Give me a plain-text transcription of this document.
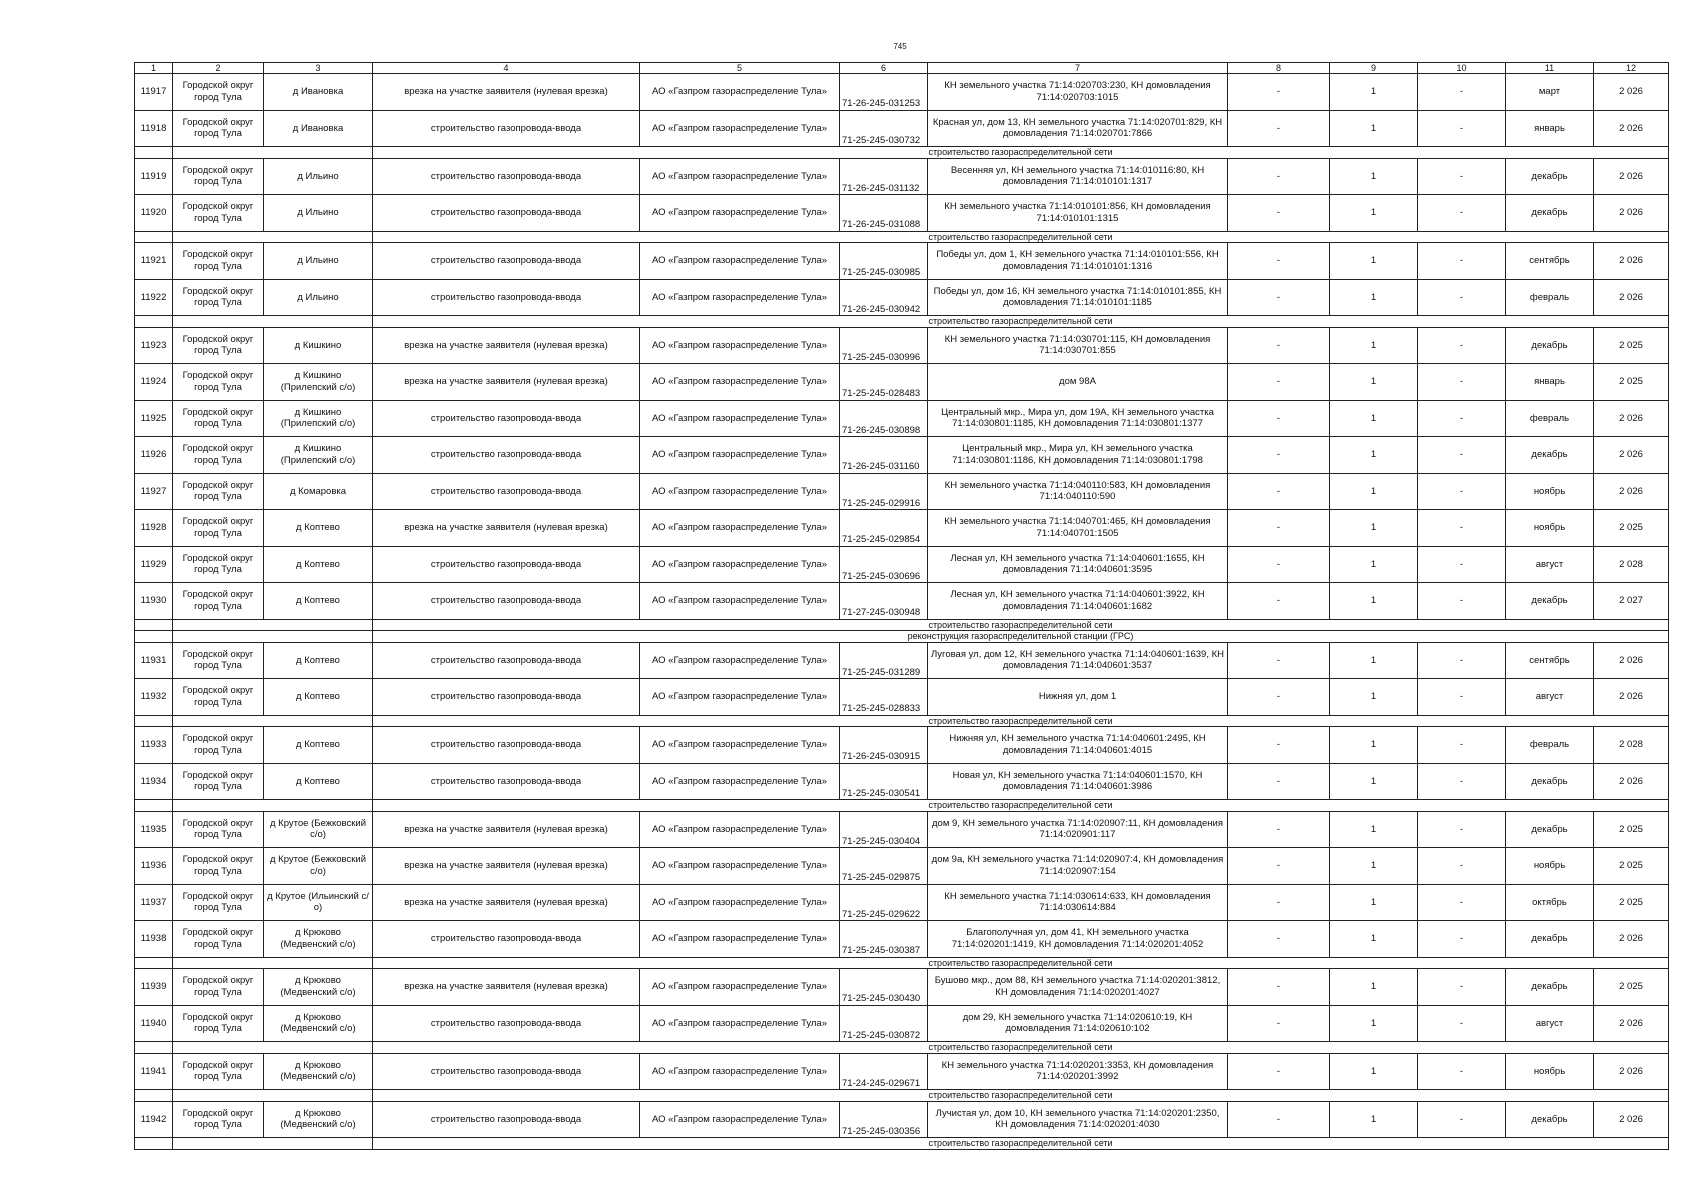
745
1	2	3	4	5	6	7	8	9	10	11	12
11917	Городской округ город Тула	д Ивановка	врезка на участке заявителя (нулевая врезка)	АО «Газпром газораспределение Тула»	71-26-245-031253	КН земельного участка 71:14:020703:230, КН домовладения 71:14:020703:1015	-	1	-	март	2 026
11918	Городской округ город Тула	д Ивановка	строительство газопровода-ввода	АО «Газпром газораспределение Тула»	71-25-245-030732	Красная ул, дом 13, КН земельного участка 71:14:020701:829, КН домовладения 71:14:020701:7866	-	1	-	январь	2 026
			строительство газораспределительной сети								
11919	Городской округ город Тула	д Ильино	строительство газопровода-ввода	АО «Газпром газораспределение Тула»	71-26-245-031132	Весенняя ул, КН земельного участка 71:14:010116:80, КН домовладения 71:14:010101:1317	-	1	-	декабрь	2 026
11920	Городской округ город Тула	д Ильино	строительство газопровода-ввода	АО «Газпром газораспределение Тула»	71-26-245-031088	КН земельного участка 71:14:010101:856, КН домовладения 71:14:010101:1315	-	1	-	декабрь	2 026
			строительство газораспределительной сети								
11921	Городской округ город Тула	д Ильино	строительство газопровода-ввода	АО «Газпром газораспределение Тула»	71-25-245-030985	Победы ул, дом 1, КН земельного участка 71:14:010101:556, КН домовладения 71:14:010101:1316	-	1	-	сентябрь	2 026
11922	Городской округ город Тула	д Ильино	строительство газопровода-ввода	АО «Газпром газораспределение Тула»	71-26-245-030942	Победы ул, дом 16, КН земельного участка 71:14:010101:855, КН домовладения 71:14:010101:1185	-	1	-	февраль	2 026
			строительство газораспределительной сети								
11923	Городской округ город Тула	д Кишкино	врезка на участке заявителя (нулевая врезка)	АО «Газпром газораспределение Тула»	71-25-245-030996	КН земельного участка 71:14:030701:115, КН домовладения 71:14:030701:855	-	1	-	декабрь	2 025
11924	Городской округ город Тула	д Кишкино (Прилепский с/о)	врезка на участке заявителя (нулевая врезка)	АО «Газпром газораспределение Тула»	71-25-245-028483	дом 98А	-	1	-	январь	2 025
11925	Городской округ город Тула	д Кишкино (Прилепский с/о)	строительство газопровода-ввода	АО «Газпром газораспределение Тула»	71-26-245-030898	Центральный мкр., Мира ул, дом 19А, КН земельного участка 71:14:030801:1185, КН домовладения 71:14:030801:1377	-	1	-	февраль	2 026
11926	Городской округ город Тула	д Кишкино (Прилепский с/о)	строительство газопровода-ввода	АО «Газпром газораспределение Тула»	71-26-245-031160	Центральный мкр., Мира ул, КН земельного участка 71:14:030801:1186, КН домовладения 71:14:030801:1798	-	1	-	декабрь	2 026
11927	Городской округ город Тула	д Комаровка	строительство газопровода-ввода	АО «Газпром газораспределение Тула»	71-25-245-029916	КН земельного участка 71:14:040110:583, КН домовладения 71:14:040110:590	-	1	-	ноябрь	2 026
11928	Городской округ город Тула	д Коптево	врезка на участке заявителя (нулевая врезка)	АО «Газпром газораспределение Тула»	71-25-245-029854	КН земельного участка 71:14:040701:465, КН домовладения 71:14:040701:1505	-	1	-	ноябрь	2 025
11929	Городской округ город Тула	д Коптево	строительство газопровода-ввода	АО «Газпром газораспределение Тула»	71-25-245-030696	Лесная ул, КН земельного участка 71:14:040601:1655, КН домовладения 71:14:040601:3595	-	1	-	август	2 028
11930	Городской округ город Тула	д Коптево	строительство газопровода-ввода	АО «Газпром газораспределение Тула»	71-27-245-030948	Лесная ул, КН земельного участка 71:14:040601:3922, КН домовладения 71:14:040601:1682	-	1	-	декабрь	2 027
			строительство газораспределительной сети								
			реконструкция газораспределительной станции (ГРС)								
11931	Городской округ город Тула	д Коптево	строительство газопровода-ввода	АО «Газпром газораспределение Тула»	71-25-245-031289	Луговая ул, дом 12, КН земельного участка 71:14:040601:1639, КН домовладения 71:14:040601:3537	-	1	-	сентябрь	2 026
11932	Городской округ город Тула	д Коптево	строительство газопровода-ввода	АО «Газпром газораспределение Тула»	71-25-245-028833	Нижняя ул, дом 1	-	1	-	август	2 026
			строительство газораспределительной сети								
11933	Городской округ город Тула	д Коптево	строительство газопровода-ввода	АО «Газпром газораспределение Тула»	71-26-245-030915	Нижняя ул, КН земельного участка 71:14:040601:2495, КН домовладения 71:14:040601:4015	-	1	-	февраль	2 028
11934	Городской округ город Тула	д Коптево	строительство газопровода-ввода	АО «Газпром газораспределение Тула»	71-25-245-030541	Новая ул, КН земельного участка 71:14:040601:1570, КН домовладения 71:14:040601:3986	-	1	-	декабрь	2 026
			строительство газораспределительной сети								
11935	Городской округ город Тула	д Крутое (Бежковский с/о)	врезка на участке заявителя (нулевая врезка)	АО «Газпром газораспределение Тула»	71-25-245-030404	дом 9, КН земельного участка 71:14:020907:11, КН домовладения 71:14:020901:117	-	1	-	декабрь	2 025
11936	Городской округ город Тула	д Крутое (Бежковский с/о)	врезка на участке заявителя (нулевая врезка)	АО «Газпром газораспределение Тула»	71-25-245-029875	дом 9а, КН земельного участка 71:14:020907:4, КН домовладения 71:14:020907:154	-	1	-	ноябрь	2 025
11937	Городской округ город Тула	д Крутое (Ильинский с/о)	врезка на участке заявителя (нулевая врезка)	АО «Газпром газораспределение Тула»	71-25-245-029622	КН земельного участка 71:14:030614:633, КН домовладения 71:14:030614:884	-	1	-	октябрь	2 025
11938	Городской округ город Тула	д Крюково (Медвенский с/о)	строительство газопровода-ввода	АО «Газпром газораспределение Тула»	71-25-245-030387	Благополучная ул, дом 41, КН земельного участка 71:14:020201:1419, КН домовладения 71:14:020201:4052	-	1	-	декабрь	2 026
			строительство газораспределительной сети								
11939	Городской округ город Тула	д Крюково (Медвенский с/о)	врезка на участке заявителя (нулевая врезка)	АО «Газпром газораспределение Тула»	71-25-245-030430	Бушово мкр., дом 88, КН земельного участка 71:14:020201:3812, КН домовладения 71:14:020201:4027	-	1	-	декабрь	2 025
11940	Городской округ город Тула	д Крюково (Медвенский с/о)	строительство газопровода-ввода	АО «Газпром газораспределение Тула»	71-25-245-030872	дом 29, КН земельного участка 71:14:020610:19, КН домовладения 71:14:020610:102	-	1	-	август	2 026
			строительство газораспределительной сети								
11941	Городской округ город Тула	д Крюково (Медвенский с/о)	строительство газопровода-ввода	АО «Газпром газораспределение Тула»	71-24-245-029671	КН земельного участка 71:14:020201:3353, КН домовладения 71:14:020201:3992	-	1	-	ноябрь	2 026
			строительство газораспределительной сети								
11942	Городской округ город Тула	д Крюково (Медвенский с/о)	строительство газопровода-ввода	АО «Газпром газораспределение Тула»	71-25-245-030356	Лучистая ул, дом 10, КН земельного участка 71:14:020201:2350, КН домовладения 71:14:020201:4030	-	1	-	декабрь	2 026
			строительство газораспределительной сети								
